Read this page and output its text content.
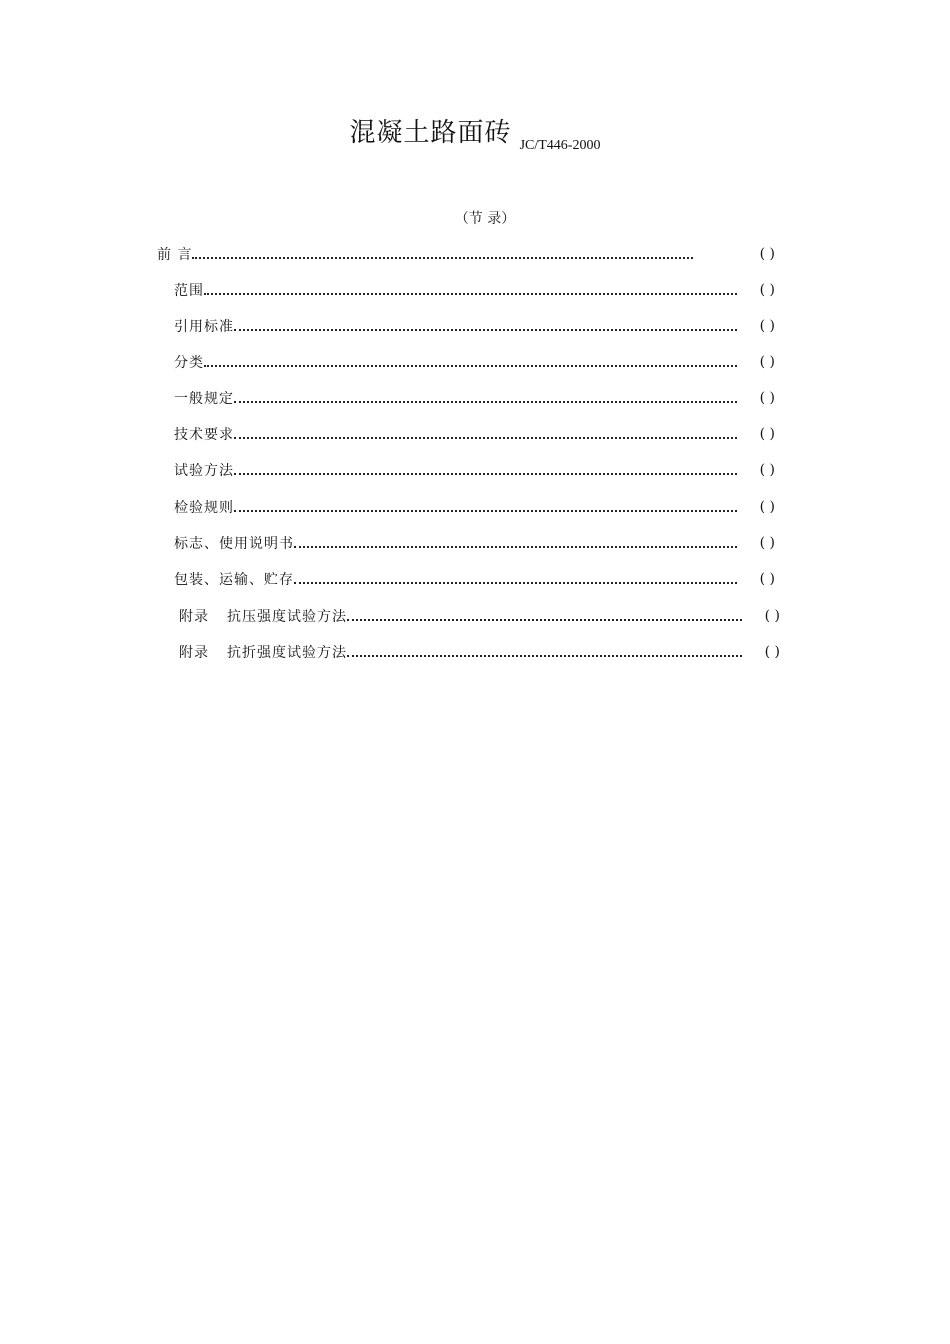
混凝土路面砖 JC/T446-2000
（节 录）
前 言	( )
范围	( )
引用标准	( )
分类	( )
一般规定	( )
技术要求	( )
试验方法	( )
检验规则	( )
标志、使用说明书	( )
包装、运输、贮存	( )
附录 抗压强度试验方法	( )
附录 抗折强度试验方法	( )
